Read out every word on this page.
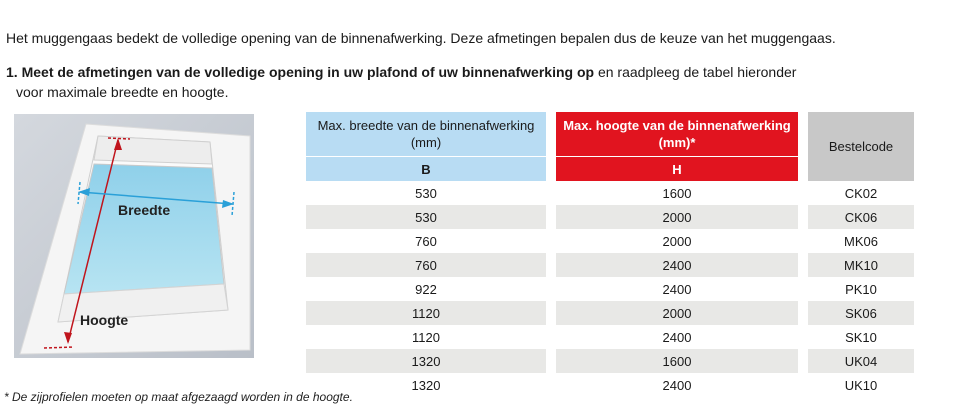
Het muggengaas bedekt de volledige opening van de binnenafwerking. Deze afmetingen bepalen dus de keuze van het muggengaas.
1. Meet de afmetingen van de volledige opening in uw plafond of uw binnenafwerking op en raadpleeg de tabel hieronder
voor maximale breedte en hoogte.
Breedte
Hoogte
Max. breedte van de binnenafwerking (mm)		Max. hoogte van de binnenafwerking (mm)*		Bestelcode
B		H		
530		1600		CK02
530		2000		CK06
760		2000		MK06
760		2400		MK10
922		2400		PK10
1120		2000		SK06
1120		2400		SK10
1320		1600		UK04
1320		2400		UK10
* De zijprofielen moeten op maat afgezaagd worden in de hoogte.
